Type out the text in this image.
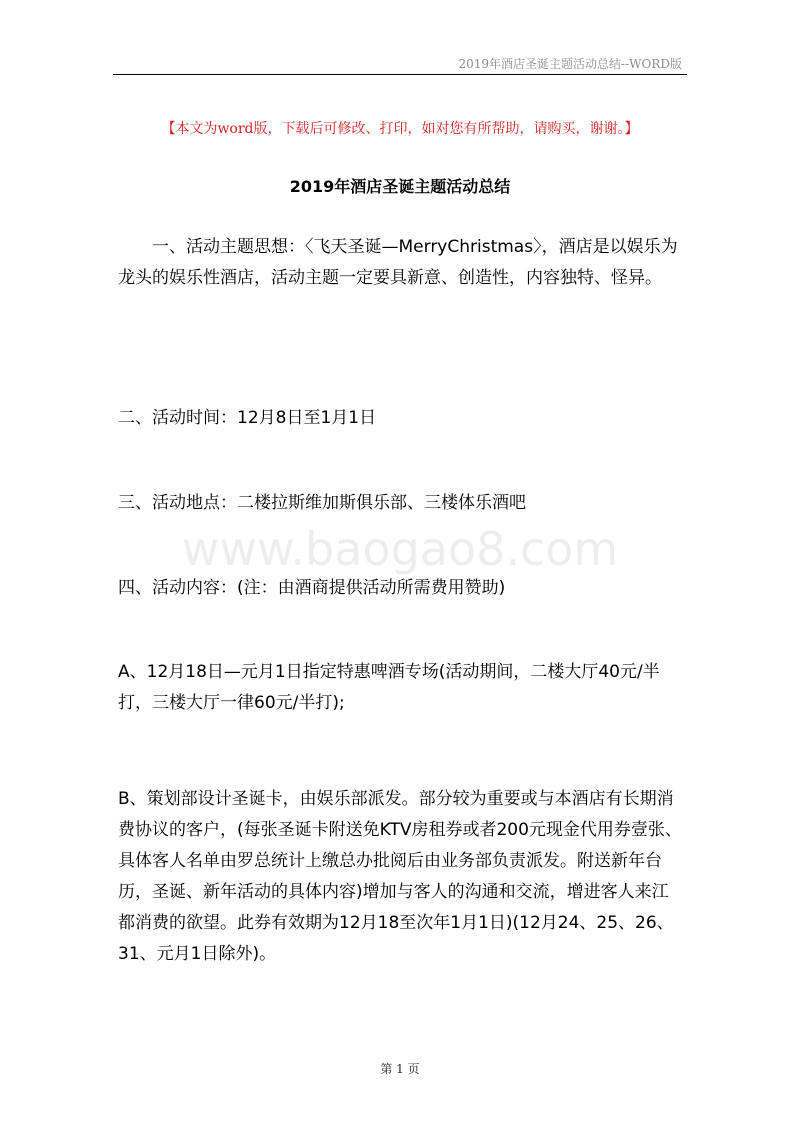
2019年酒店圣诞主题活动总结--WORD版
【本文为word版，下载后可修改、打印，如对您有所帮助，请购买，谢谢。】
2019年酒店圣诞主题活动总结

一、活动主题思想：〈飞天圣诞—MerryChristmas〉，酒店是以娱乐为龙头的娱乐性酒店，活动主题一定要具新意、创造性，内容独特、怪异。

二、活动时间：12月8日至1月1日

三、活动地点：二楼拉斯维加斯俱乐部、三楼体乐酒吧

www.baogao8.com

四、活动内容：(注：由酒商提供活动所需费用赞助)

A、12月18日—元月1日指定特惠啤酒专场(活动期间，二楼大厅40元/半打，三楼大厅一律60元/半打);

B、策划部设计圣诞卡，由娱乐部派发。部分较为重要或与本酒店有长期消费协议的客户，(每张圣诞卡附送免KTV房租券或者200元现金代用券壹张、具体客人名单由罗总统计上缴总办批阅后由业务部负责派发。附送新年台历，圣诞、新年活动的具体内容)增加与客人的沟通和交流，增进客人来江都消费的欲望。此券有效期为12月18至次年1月1日)(12月24、25、26、31、元月1日除外)。

第 1 页
